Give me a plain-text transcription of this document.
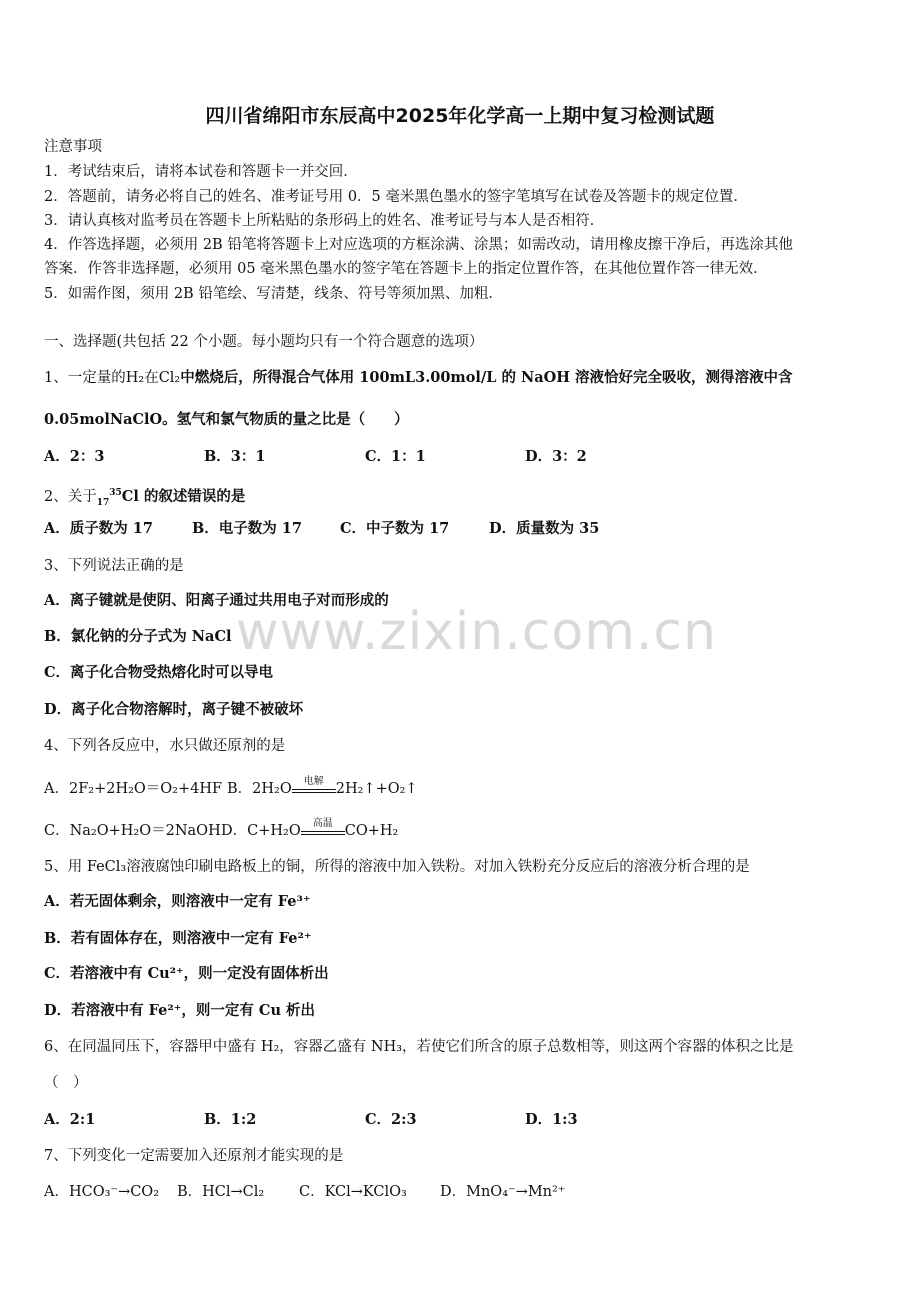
四川省绵阳市东辰高中2025年化学高一上期中复习检测试题
注意事项
1．考试结束后，请将本试卷和答题卡一并交回．
2．答题前，请务必将自己的姓名、准考证号用 0．5 毫米黑色墨水的签字笔填写在试卷及答题卡的规定位置．
3．请认真核对监考员在答题卡上所粘贴的条形码上的姓名、准考证号与本人是否相符．
4．作答选择题，必须用 2B 铅笔将答题卡上对应选项的方框涂满、涂黑；如需改动，请用橡皮擦干净后，再选涂其他
答案．作答非选择题，必须用 05 毫米黑色墨水的签字笔在答题卡上的指定位置作答，在其他位置作答一律无效．
5．如需作图，须用 2B 铅笔绘、写清楚，线条、符号等须加黑、加粗．
一、选择题(共包括 22 个小题。每小题均只有一个符合题意的选项）
www.zixin.com.cn
1、一定量的H₂在Cl₂中燃烧后，所得混合气体用 100mL3.00mol/L 的 NaOH 溶液恰好完全吸收，测得溶液中含
0.05molNaClO。氢气和氯气物质的量之比是（　　）
A．2：3	B．3：1	C．1：1	D．3：2
2、关于$_{17}^{35}$Cl 的叙述错误的是
A．质子数为 17	B．电子数为 17	C．中子数为 17	D．质量数为 35
3、下列说法正确的是
A．离子键就是使阴、阳离子通过共用电子对而形成的
B．氯化钠的分子式为 NaCl
C．离子化合物受热熔化时可以导电
D．离子化合物溶解时，离子键不被破坏
4、下列各反应中，水只做还原剂的是
A．2F₂+2H₂O＝O₂+4HF B．2H₂O	电解 2H₂↑+O₂↑
C．Na₂O+H₂O＝2NaOH D．C+H₂O	高温 CO+H₂
5、用 FeCl₃溶液腐蚀印刷电路板上的铜，所得的溶液中加入铁粉。对加入铁粉充分反应后的溶液分析合理的是
A．若无固体剩余，则溶液中一定有 Fe³⁺
B．若有固体存在，则溶液中一定有 Fe²⁺
C．若溶液中有 Cu²⁺，则一定没有固体析出
D．若溶液中有 Fe²⁺，则一定有 Cu 析出
6、在同温同压下，容器甲中盛有 H₂，容器乙盛有 NH₃，若使它们所含的原子总数相等，则这两个容器的体积之比是
（　）
A．2:1	B．1:2	C．2:3	D．1:3
7、下列变化一定需要加入还原剂才能实现的是
A．HCO₃⁻→CO₂ B．HCl→Cl₂ C．KCl→KClO₃ D．MnO₄⁻→Mn²⁺
